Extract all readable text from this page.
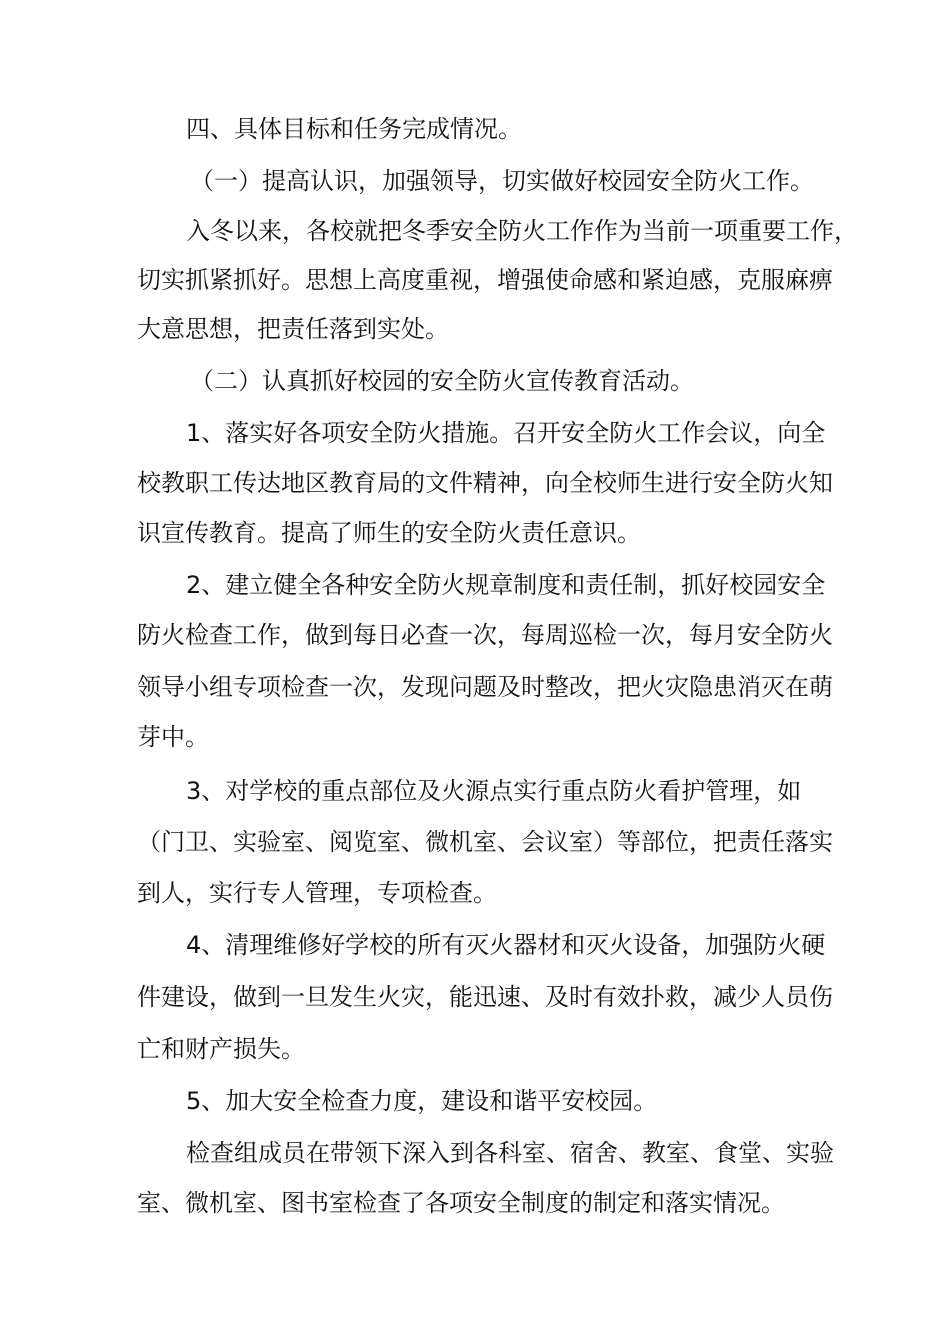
四、具体目标和任务完成情况。
（一）提高认识，加强领导，切实做好校园安全防火工作。
入冬以来，各校就把冬季安全防火工作作为当前一项重要工作，
切实抓紧抓好。思想上高度重视，增强使命感和紧迫感，克服麻痹
大意思想，把责任落到实处。
（二）认真抓好校园的安全防火宣传教育活动。
1、落实好各项安全防火措施。召开安全防火工作会议，向全
校教职工传达地区教育局的文件精神，向全校师生进行安全防火知
识宣传教育。提高了师生的安全防火责任意识。
2、建立健全各种安全防火规章制度和责任制，抓好校园安全
防火检查工作，做到每日必查一次，每周巡检一次，每月安全防火
领导小组专项检查一次，发现问题及时整改，把火灾隐患消灭在萌
芽中。
3、对学校的重点部位及火源点实行重点防火看护管理，如
（门卫、实验室、阅览室、微机室、会议室）等部位，把责任落实
到人，实行专人管理，专项检查。
4、清理维修好学校的所有灭火器材和灭火设备，加强防火硬
件建设，做到一旦发生火灾，能迅速、及时有效扑救，减少人员伤
亡和财产损失。
5、加大安全检查力度，建设和谐平安校园。
检查组成员在带领下深入到各科室、宿舍、教室、食堂、实验
室、微机室、图书室检查了各项安全制度的制定和落实情况。
